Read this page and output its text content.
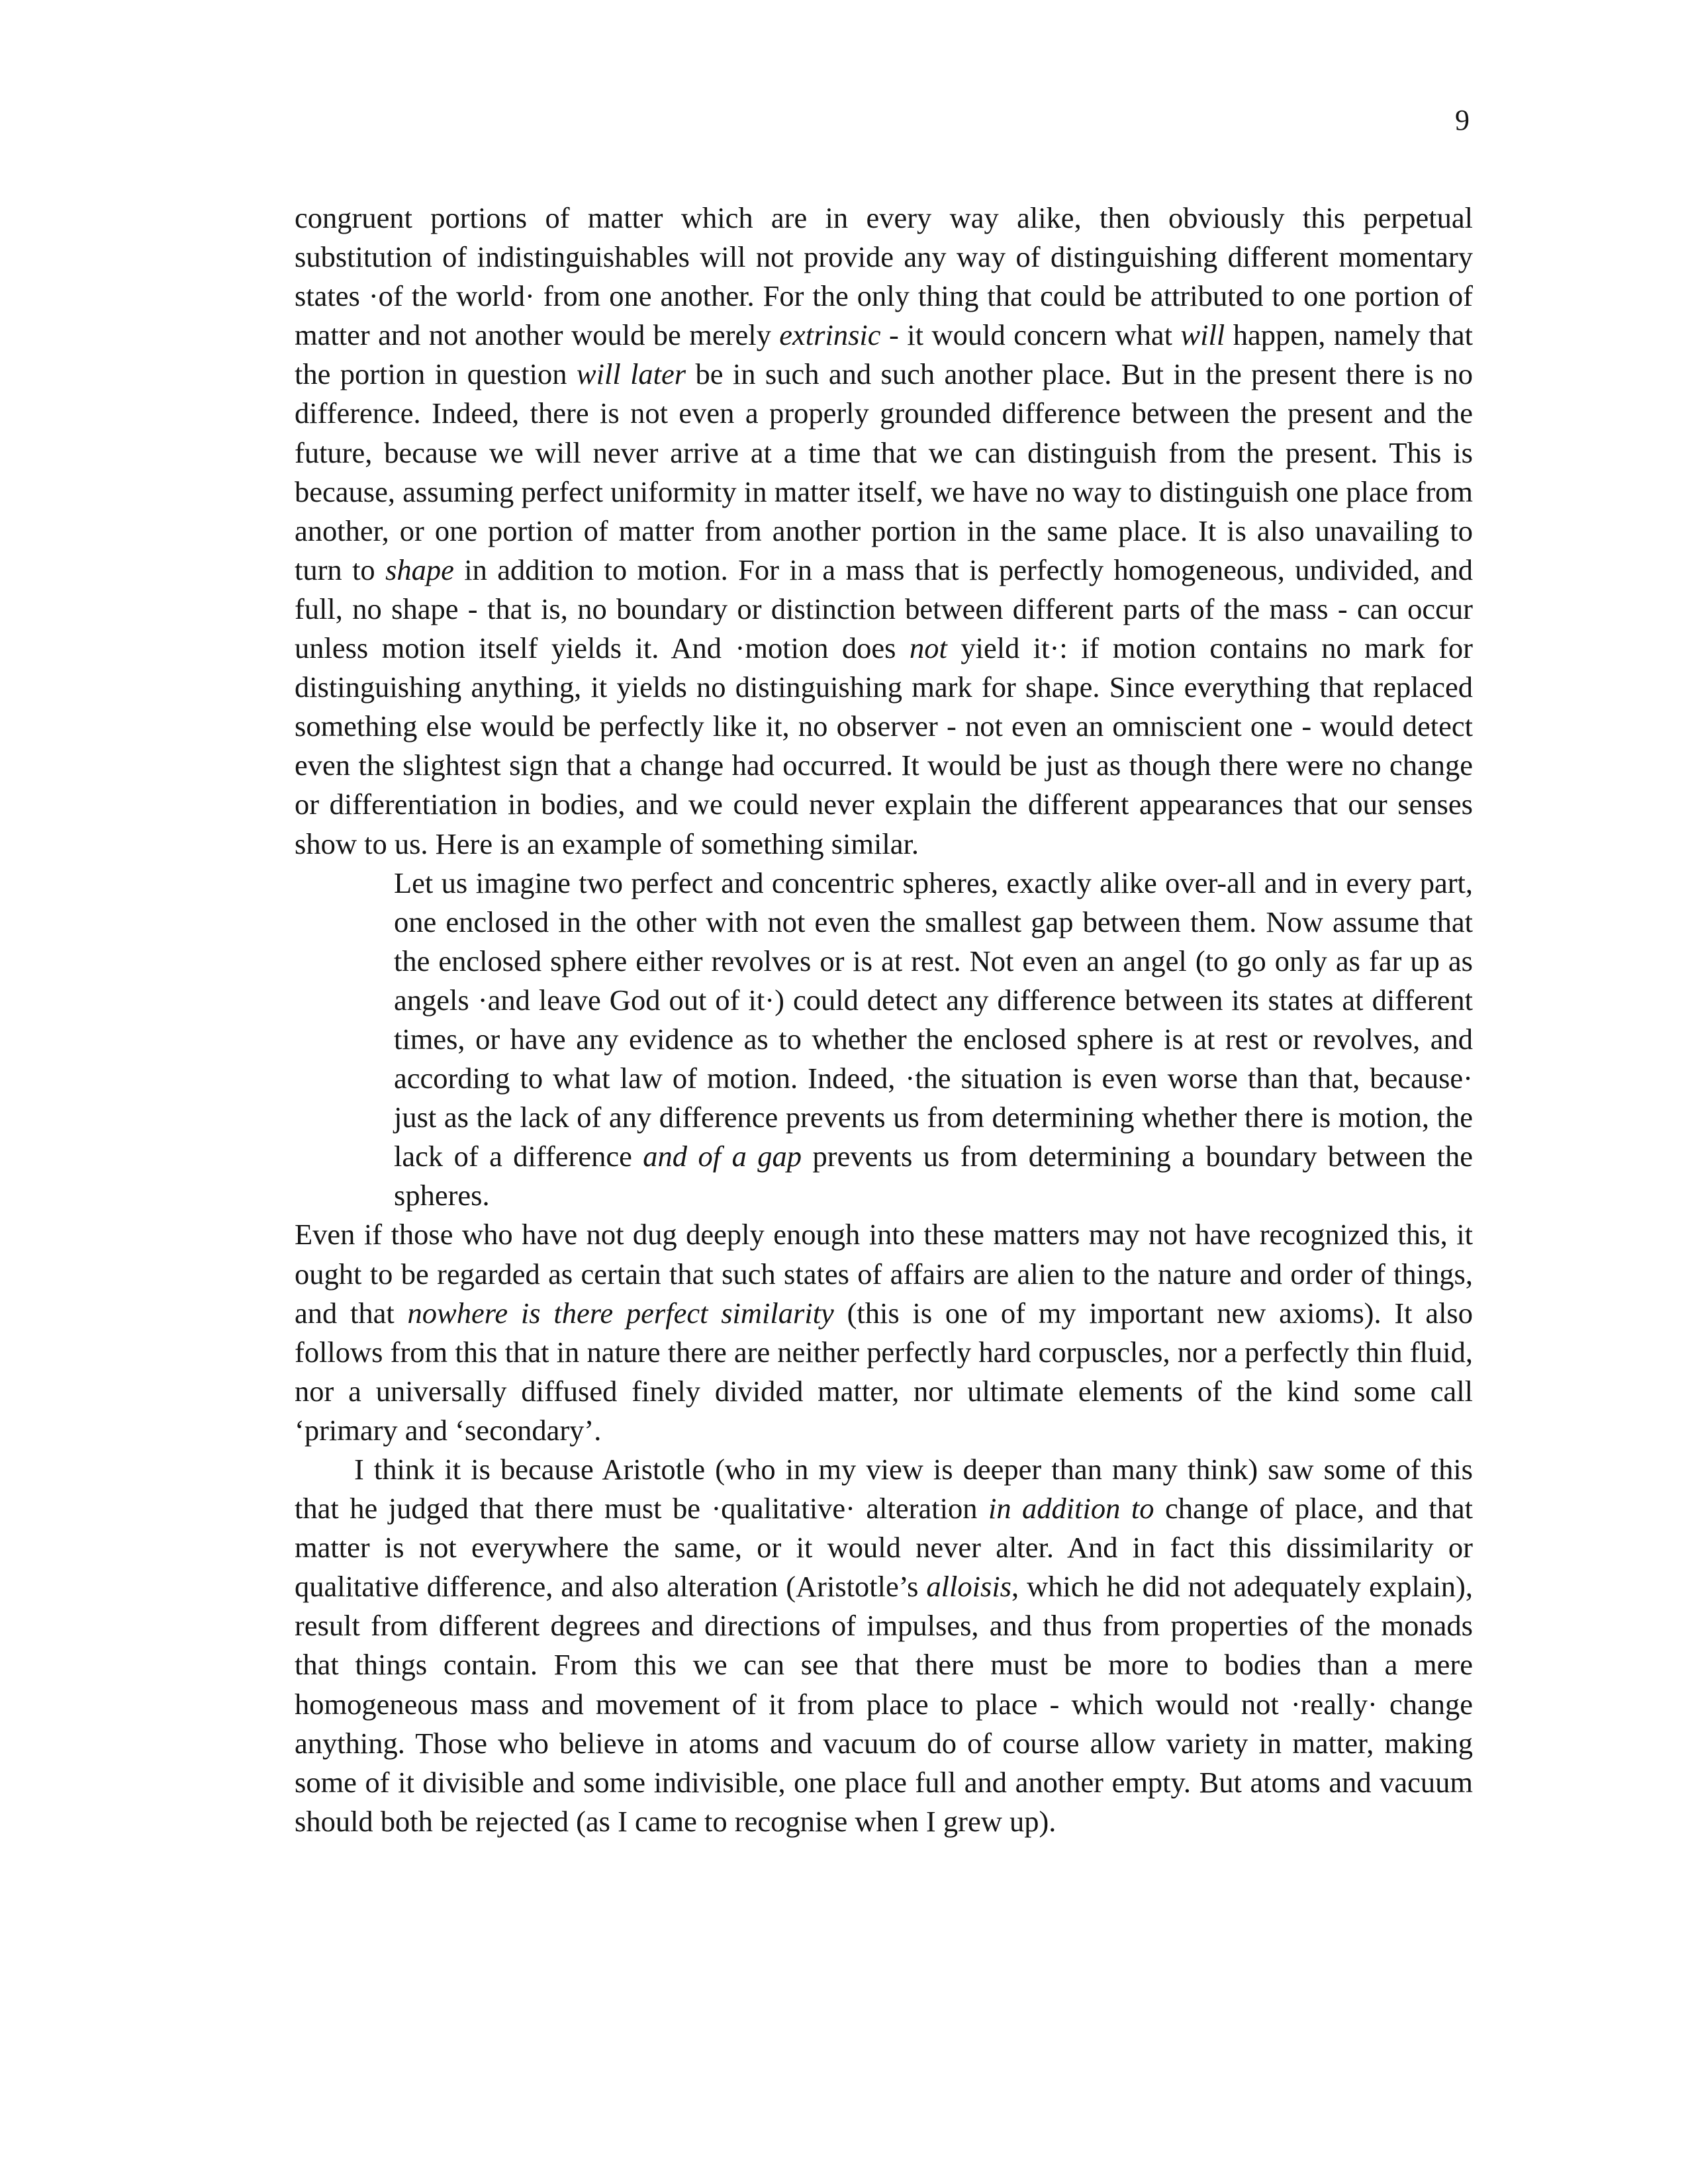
9

congruent portions of matter which are in every way alike, then obviously this perpetual substitution of indistinguishables will not provide any way of distinguishing different momentary states ·of the world· from one another. For the only thing that could be attributed to one portion of matter and not another would be merely extrinsic - it would concern what will happen, namely that the portion in question will later be in such and such another place. But in the present there is no difference. Indeed, there is not even a properly grounded difference between the present and the future, because we will never arrive at a time that we can distinguish from the present. This is because, assuming perfect uniformity in matter itself, we have no way to distinguish one place from another, or one portion of matter from another portion in the same place. It is also unavailing to turn to shape in addition to motion. For in a mass that is perfectly homogeneous, undivided, and full, no shape - that is, no boundary or distinction between different parts of the mass - can occur unless motion itself yields it. And ·motion does not yield it·: if motion contains no mark for distinguishing anything, it yields no distinguishing mark for shape. Since everything that replaced something else would be perfectly like it, no observer - not even an omniscient one - would detect even the slightest sign that a change had occurred. It would be just as though there were no change or differentiation in bodies, and we could never explain the different appearances that our senses show to us. Here is an example of something similar.

Let us imagine two perfect and concentric spheres, exactly alike over-all and in every part, one enclosed in the other with not even the smallest gap between them. Now assume that the enclosed sphere either revolves or is at rest. Not even an angel (to go only as far up as angels ·and leave God out of it·) could detect any difference between its states at different times, or have any evidence as to whether the enclosed sphere is at rest or revolves, and according to what law of motion. Indeed, ·the situation is even worse than that, because· just as the lack of any difference prevents us from determining whether there is motion, the lack of a difference and of a gap prevents us from determining a boundary between the spheres.

Even if those who have not dug deeply enough into these matters may not have recognized this, it ought to be regarded as certain that such states of affairs are alien to the nature and order of things, and that nowhere is there perfect similarity (this is one of my important new axioms). It also follows from this that in nature there are neither perfectly hard corpuscles, nor a perfectly thin fluid, nor a universally diffused finely divided matter, nor ultimate elements of the kind some call ‘primary and ‘secondary’.

I think it is because Aristotle (who in my view is deeper than many think) saw some of this that he judged that there must be ·qualitative· alteration in addition to change of place, and that matter is not everywhere the same, or it would never alter. And in fact this dissimilarity or qualitative difference, and also alteration (Aristotle’s alloisis, which he did not adequately explain), result from different degrees and directions of impulses, and thus from properties of the monads that things contain. From this we can see that there must be more to bodies than a mere homogeneous mass and movement of it from place to place - which would not ·really· change anything. Those who believe in atoms and vacuum do of course allow variety in matter, making some of it divisible and some indivisible, one place full and another empty. But atoms and vacuum should both be rejected (as I came to recognise when I grew up).
